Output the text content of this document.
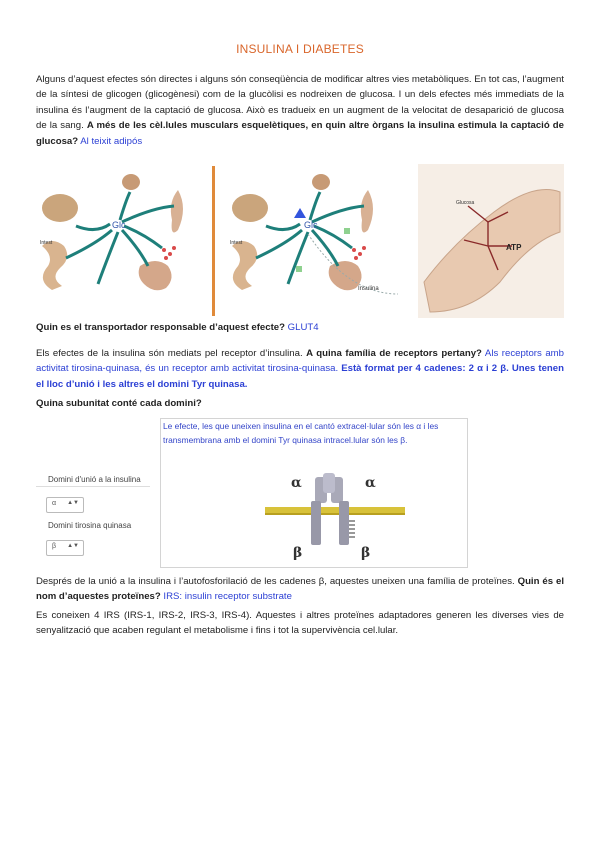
INSULINA I DIABETES
Alguns d’aquest efectes són directes i alguns són conseqüència de modificar altres vies metabòliques. En tot cas, l’augment de la síntesi de glicogen (glicogènesi) com de la glucòlisi es nodreixen de glucosa. I un dels efectes més immediats de la insulina és l’augment de la captació de glucosa. Això es tradueix en un augment de la velocitat de desaparició de glucosa de la sang. A més de les cèl.lules musculars esquelètiques, en quin altre òrgans la insulina estimula la captació de glucosa? Al teixit adipós
Glc
Intest
Glc
Intest
Insulina
Glucosa
ATP
Quin es el transportador responsable d’aquest efecte? GLUT4
Els efectes de la insulina són mediats pel receptor d’insulina. A quina família de receptors pertany? Als receptors amb activitat tirosina-quinasa, és un receptor amb activitat tirosina-quinasa. Està format per 4 cadenes: 2 α i 2 β. Unes tenen el lloc d’unió i les altres el domini Tyr quinasa.
Quina subunitat conté cada domini?
Domini d'unió a la insulina
α ▲▼
Domini tirosina quinasa
β ▲▼
Le efecte, les que uneixen insulina en el cantó extracel·lular són les α i les transmembrana amb el domini Tyr quinasa intracel.lular són les β.
α	α
β	β
Després de la unió a la insulina i l’autofosforilació de les cadenes β, aquestes uneixen una família de proteïnes. Quin és el nom d’aquestes proteïnes? IRS: insulin receptor substrate
Es coneixen 4 IRS (IRS-1, IRS-2, IRS-3, IRS-4). Aquestes i altres proteïnes adaptadores generen les diverses vies de senyalització que acaben regulant el metabolisme i fins i tot la supervivència cel.lular.
